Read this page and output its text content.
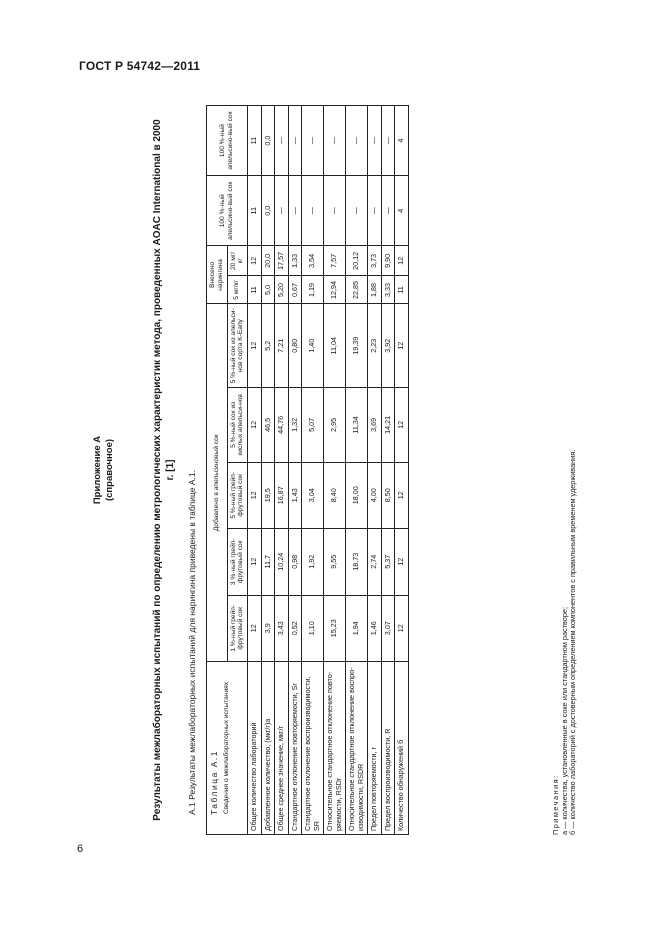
ГОСТ Р 54742—2011
Приложение А (справочное)	Результаты межлабораторных испытаний по определению метрологических характеристик метода, проведенных AOAC International в 2000 г. [1] А.1 Результаты межлабораторных испытаний для нарингина приведены в таблице А.1. Таблица А.1 Сведения о межлабораторных испытаниях	Добавлено в апельсиновый сок					Внесено нарингина		100 %-ный апельсино-вый сок	100 %-ный апельсино-вый сок
	1 %-ный грейп-фрутовый сок	3 %-ный грейп-фрутовый сок	5 %-ный грейп-фрутовый сок	5 %-ный сок из кислых апельси-нов	5 %-ный сок из апельси-нов сорта K-Early	5 мг/кг	20 мг/кг		

Общее количество лабораторий	12	12	12	12	12	11	12	11	11
Добавленное количество, (мкг/г)а	3,9	11,7	19,5	46,5	5,2	5,0	20,0	0,0	0,0
Общее среднее значение, мкг/г	3,43	10,24	16,87	44,76	7,21	5,20	17,57	—	—
Стандартное отклонение повторяемости, Sr	0,52	0,98	1,43	1,32	0,80	0,67	1,33	—	—
Стандартное отклонение воспроизводимости, SR	1,10	1,92	3,04	5,07	1,40	1,19	3,54	—	—
Относительное стандартное отклонение повто-ряемости, RSDr	15,23	9,55	8,40	2,95	11,04	12,94	7,57	—	—
Относительное стандартное отклонение воспро-изводимости, RSDR	1,94	18,73	18,00	11,34	19,39	22,85	20,12	—	—
Предел повторяемости, r	1,46	2,74	4,00	3,69	2,23	1,88	3,73	—	—
Предел воспроизводимости, R	3,07	5,37	8,50	14,21	3,92	3,33	9,90	—	—
Количество обнаружений б	12	12	12	12	12	11	12	4	4
Примечания: а — количества, установленные в соке или стандартном растворе; б — количество лабораторий с достоверным определением компонентов с правильным временем удерживания.
6
